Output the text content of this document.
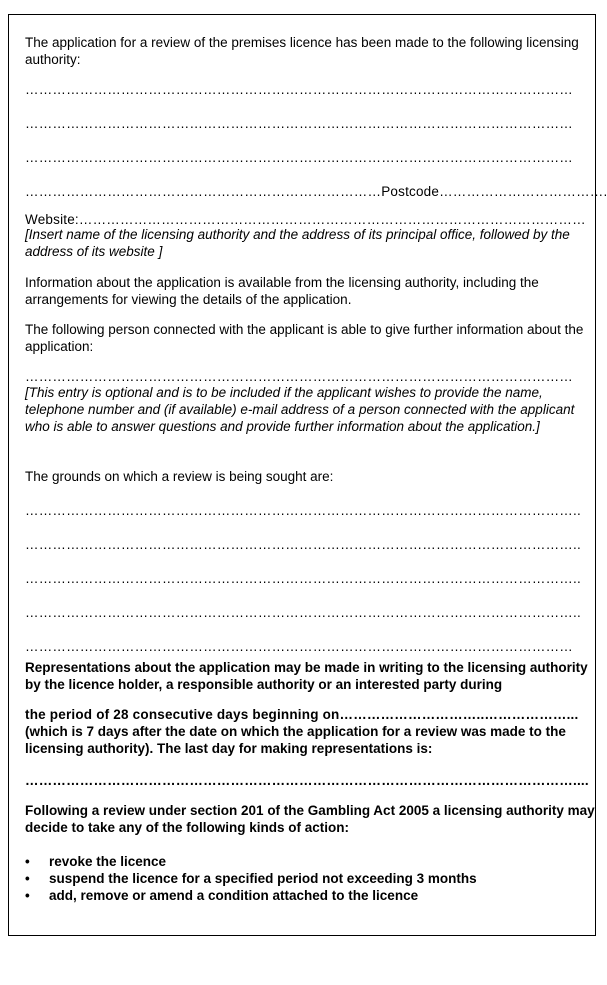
The application for a review of the premises licence has been made to the following licensing authority:
…………………………………………………………………………………………………………
…………………………………………………………………………………………………………
…………………………………………………………………………………………………………
……………………………………………………………………Postcode……………………………….
Website:…………………………………………………………………………………………………
[Insert name of the licensing authority and the address of its principal office, followed by the address of its website ]
Information about the application is available from the licensing authority, including the arrangements for viewing the details of the application.
The following person connected with the applicant is able to give further information about the application:
…………………………………………………………………………………………………………
[This entry is optional and is to be included if the applicant wishes to provide the name, telephone number and (if available) e-mail address of a person connected with the applicant who is able to answer questions and provide further information about the application.]
The grounds on which a review is being sought are:
…………………………………………………………………………………………………………..
…………………………………………………………………………………………………………..
…………………………………………………………………………………………………………..
…………………………………………………………………………………………………………..
…………………………………………………………………………………………………………
Representations about the application may be made in writing to the licensing authority by the licence holder, a responsible authority or an interested party during
the period of 28 consecutive days beginning on…………………………..………………...
(which is 7 days after the date on which the application for a review was made to the licensing authority). The last day for making representations is:
…………………………………………………………………………………………………………....
Following a review under section 201 of the Gambling Act 2005 a licensing authority may decide to take any of the following kinds of action:
• revoke the licence
• suspend the licence for a specified period not exceeding 3 months
• add, remove or amend a condition attached to the licence
